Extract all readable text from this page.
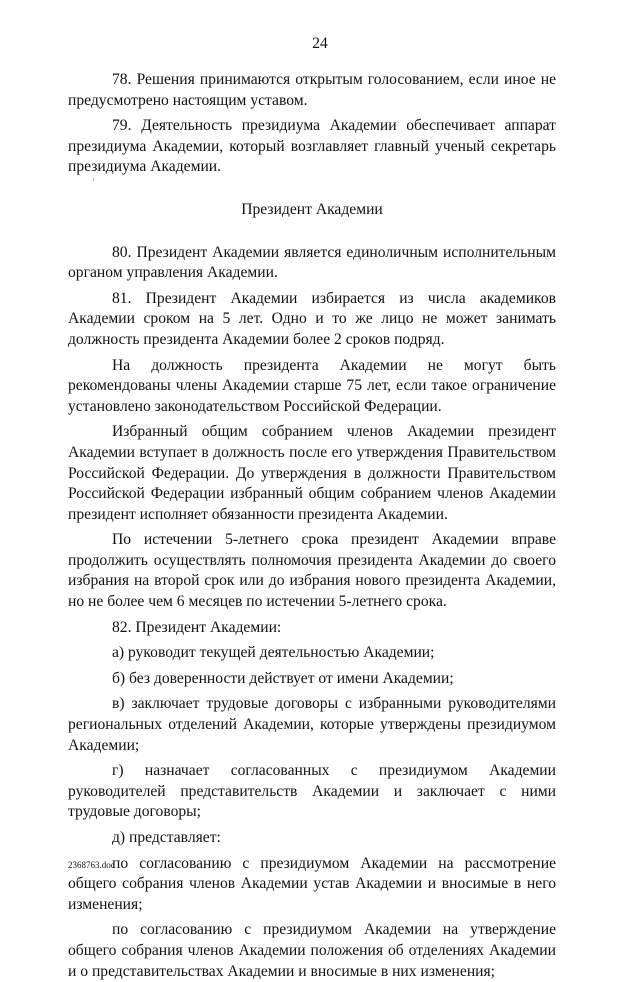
24

78. Решения принимаются открытым голосованием, если иное не предусмотрено настоящим уставом.

79. Деятельность президиума Академии обеспечивает аппарат президиума Академии, который возглавляет главный ученый секретарь президиума Академии.

Президент Академии

80. Президент Академии является единоличным исполнительным органом управления Академии.

81. Президент Академии избирается из числа академиков Академии сроком на 5 лет. Одно и то же лицо не может занимать должность президента Академии более 2 сроков подряд.

На должность президента Академии не могут быть рекомендованы члены Академии старше 75 лет, если такое ограничение установлено законодательством Российской Федерации.

Избранный общим собранием членов Академии президент Академии вступает в должность после его утверждения Правительством Российской Федерации. До утверждения в должности Правительством Российской Федерации избранный общим собранием членов Академии президент исполняет обязанности президента Академии.

По истечении 5-летнего срока президент Академии вправе продолжить осуществлять полномочия президента Академии до своего избрания на второй срок или до избрания нового президента Академии, но не более чем 6 месяцев по истечении 5-летнего срока.

82. Президент Академии:

а) руководит текущей деятельностью Академии;

б) без доверенности действует от имени Академии;

в) заключает трудовые договоры с избранными руководителями региональных отделений Академии, которые утверждены президиумом Академии;

г) назначает согласованных с президиумом Академии руководителей представительств Академии и заключает с ними трудовые договоры;

д) представляет:

по согласованию с президиумом Академии на рассмотрение общего собрания членов Академии устав Академии и вносимые в него изменения;

по согласованию с президиумом Академии на утверждение общего собрания членов Академии положения об отделениях Академии и о представительствах Академии и вносимые в них изменения;

2368763.doc
